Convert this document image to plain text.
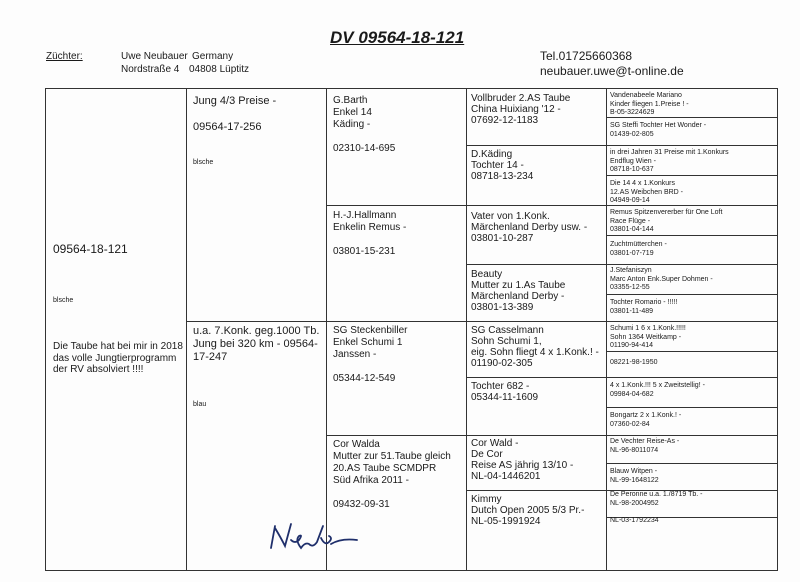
DV 09564-18-121
Züchter:	Uwe Neubauer Germany
Nordstraße 4 04808 Lüptitz
Tel.01725660368
neubauer.uwe@t-online.de
09564-18-121
blsche
Die Taube hat bei mir in 2018
das volle Jungtierprogramm
der RV absolviert !!!!
Jung 4/3 Preise -

09564-17-256
blsche
u.a. 7.Konk. geg.1000 Tb.
Jung bei 320 km - 09564-
17-247
blau
G.Barth
Enkel 14
Käding -

02310-14-695
H.-J.Hallmann
Enkelin Remus -

03801-15-231
SG Steckenbiller
Enkel Schumi 1
Janssen -

05344-12-549
Cor Walda
Mutter zur 51.Taube gleich
20.AS Taube SCMDPR
Süd Afrika 2011 -

09432-09-31
Vollbruder 2.AS Taube
China Huixiang '12 -
07692-12-1183
D.Käding
Tochter 14 -
08718-13-234
Vater von 1.Konk.
Märchenland Derby usw. -
03801-10-287
Beauty
Mutter zu 1.As Taube
Märchenland Derby -
03801-13-389
SG Casselmann
Sohn Schumi 1,
eig. Sohn fliegt 4 x 1.Konk.! -
01190-02-305
Tochter 682 -
05344-11-1609
Cor Wald -
De Cor
Reise AS jährig 13/10 -
NL-04-1446201
Kimmy
Dutch Open 2005 5/3 Pr.-
NL-05-1991924
Vandenabeele Mariano
Kinder fliegen 1.Preise ! -
B-05-3224629
SG Steffi Tochter Het Wonder -
01439-02-805
in drei Jahren 31 Preise mit 1.Konkurs
Endflug Wien -
08718-10-637
Die 14 4 x 1.Konkurs
12.AS Weibchen BRD -
04949-09-14
Remus Spitzenvererber für One Loft
Race Flüge -
03801-04-144
Zuchtmütterchen -
03801-07-719
J.Stefaniszyn
Marc Anton Enk.Super Dohmen -
03355-12-55
Tochter Romario - !!!!!
03801-11-489
Schumi 1 6 x 1.Konk.!!!!!
Sohn 1364 Weitkamp -
01190-94-414

08221-98-1950
4 x 1.Konk.!!! 5 x Zweitstellig! -
09984-04-682
Bongartz 2 x 1.Konk.! -
07360-02-84
De Vechter Reise-As -
NL-96-8011074
Blauw Witpen -
NL-99-1648122
De Peronne u.a. 1./8719 Tb. -
NL-98-2004952

NL-03-1792234
